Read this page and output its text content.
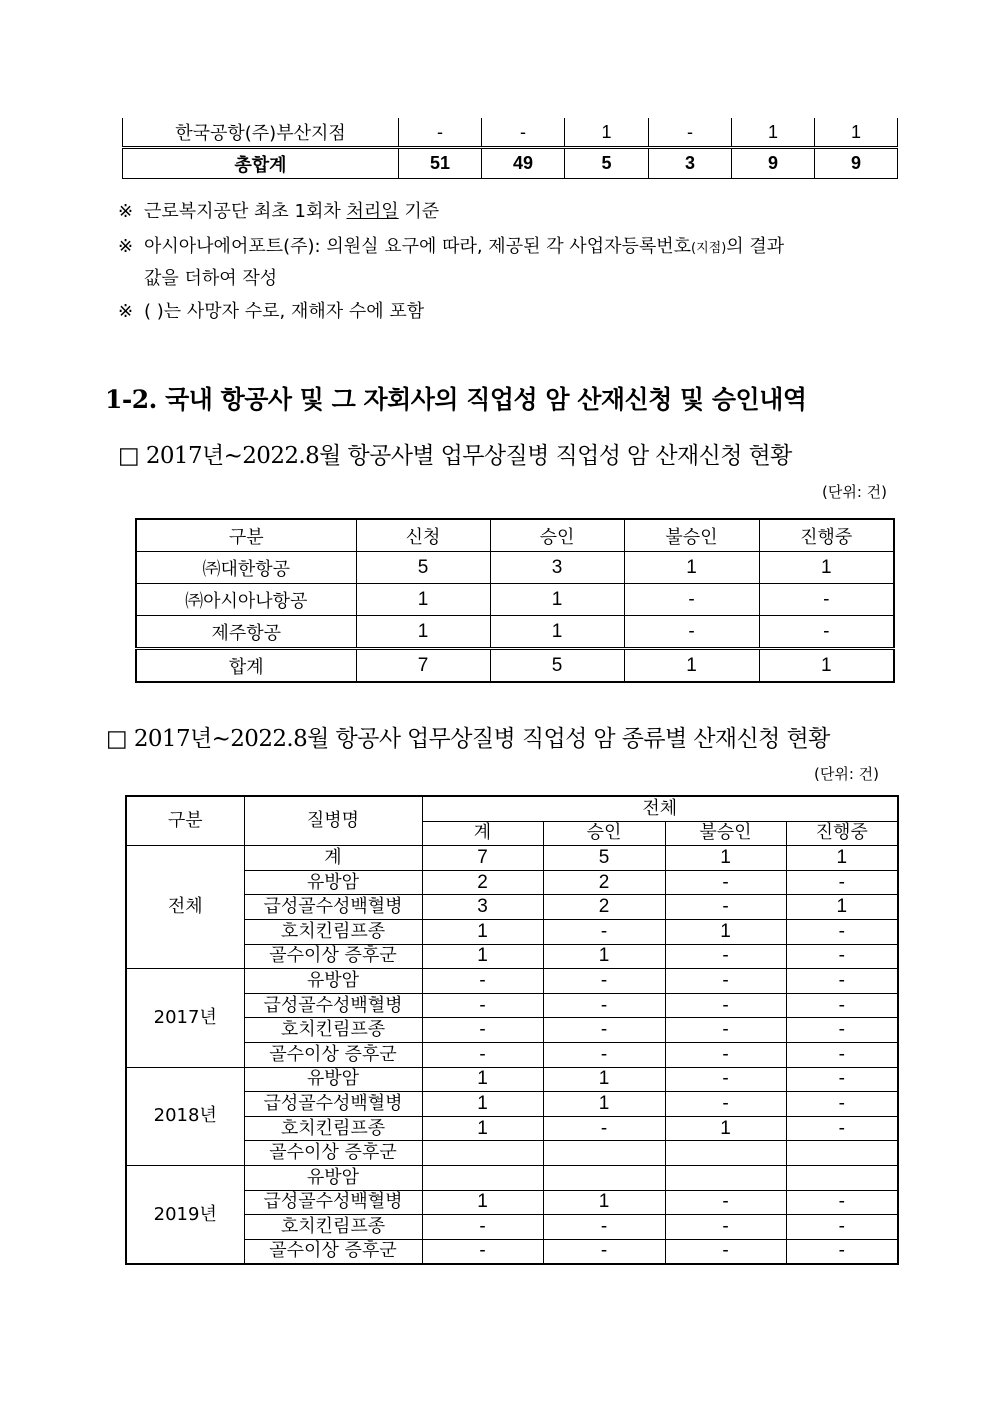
한국공항(주)부산지점	-	-	1	-	1	1
총합계	51	49	5	3	9	9
※ 근로복지공단 최초 1회차 처리일 기준
※ 아시아나에어포트(주): 의원실 요구에 따라, 제공된 각 사업자등록번호(지점)의 결과
값을 더하여 작성
※ ( )는 사망자 수로, 재해자 수에 포함
1-2. 국내 항공사 및 그 자회사의 직업성 암 산재신청 및 승인내역
□ 2017년∼2022.8월 항공사별 업무상질병 직업성 암 산재신청 현황
(단위: 건)
구분	신청	승인	불승인	진행중
㈜대한항공	5	3	1	1
㈜아시아나항공	1	1	-	-
제주항공	1	1	-	-
합계	7	5	1	1
□ 2017년∼2022.8월 항공사 업무상질병 직업성 암 종류별 산재신청 현황
(단위: 건)
구분	질병명	전체			
		계	승인	불승인	진행중
전체	계	7	5	1	1
	유방암	2	2	-	-
	급성골수성백혈병	3	2	-	1
	호치킨림프종	1	-	1	-
	골수이상 증후군	1	1	-	-
2017년	유방암	-	-	-	-
	급성골수성백혈병	-	-	-	-
	호치킨림프종	-	-	-	-
	골수이상 증후군	-	-	-	-
2018년	유방암	1	1	-	-
	급성골수성백혈병	1	1	-	-
	호치킨림프종	1	-	1	-
	골수이상 증후군				
2019년	유방암				
	급성골수성백혈병	1	1	-	-
	호치킨림프종	-	-	-	-
	골수이상 증후군	-	-	-	-
